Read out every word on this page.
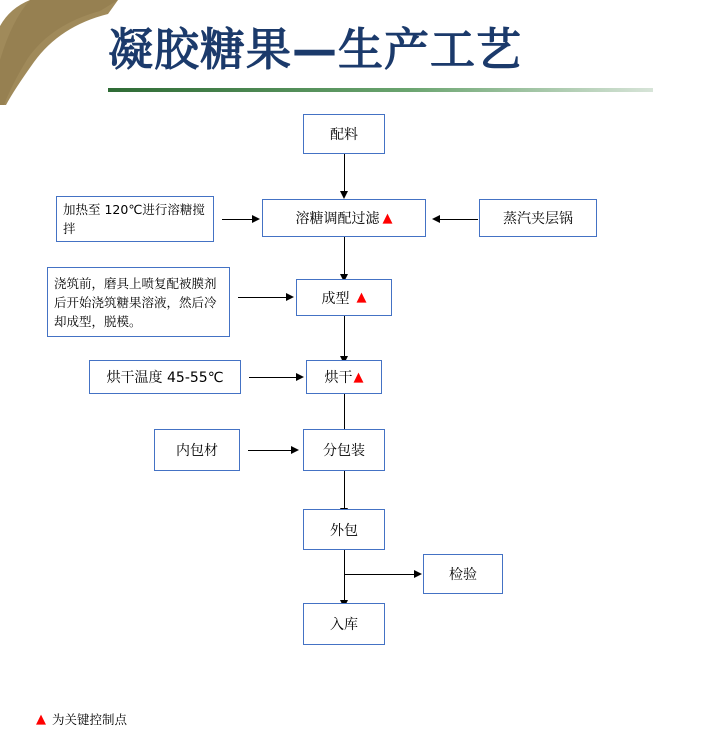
凝胶糖果—生产工艺
配料
加热至 120℃进行溶糖搅拌
溶糖调配过滤 ▲	蒸汽夹层锅
浇筑前，磨具上喷复配被膜剂后开始浇筑糖果溶液，然后冷却成型，脱模。
成型 ▲
烘干温度 45-55℃	烘干 ▲
内包材	分包装
外包
检验
入库
▲ 为关键控制点
